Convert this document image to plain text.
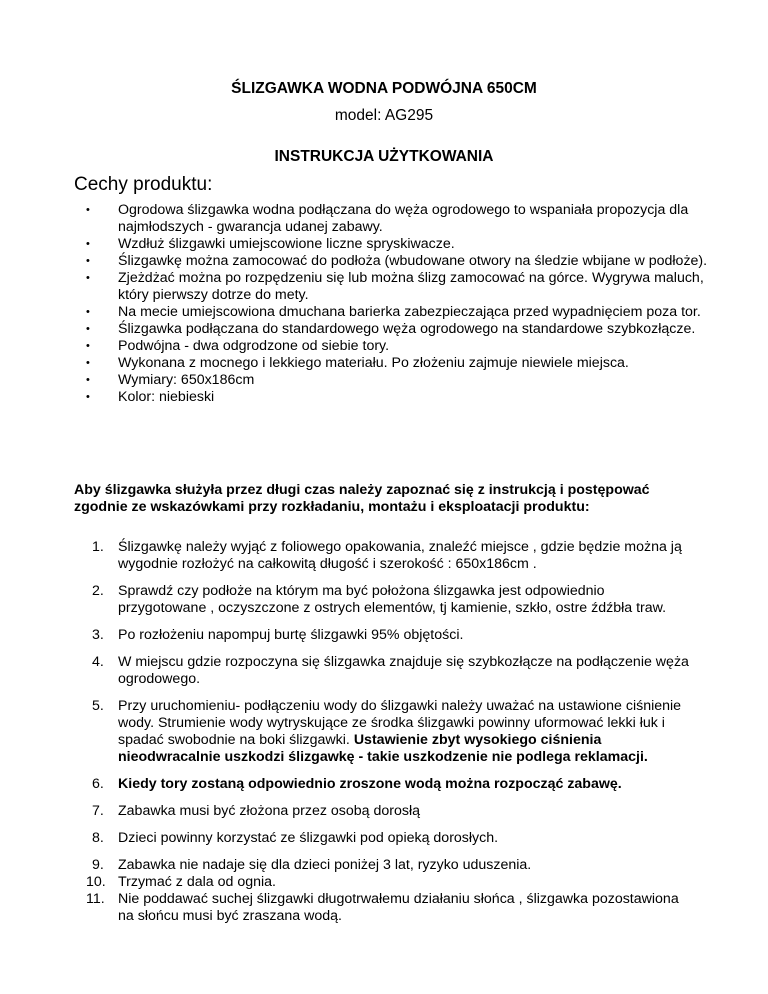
ŚLIZGAWKA WODNA PODWÓJNA 650CM
model: AG295
INSTRUKCJA UŻYTKOWANIA
Cechy produktu:
• Ogrodowa ślizgawka wodna podłączana do węża ogrodowego to wspaniała propozycja dla najmłodszych - gwarancja udanej zabawy.
• Wzdłuż ślizgawki umiejscowione liczne spryskiwacze.
• Ślizgawkę można zamocować do podłoża (wbudowane otwory na śledzie wbijane w podłoże).
• Zjeżdżać można po rozpędzeniu się lub można ślizg zamocować na górce. Wygrywa maluch, który pierwszy dotrze do mety.
• Na mecie umiejscowiona dmuchana barierka zabezpieczająca przed wypadnięciem poza tor.
• Ślizgawka podłączana do standardowego węża ogrodowego na standardowe szybkozłącze.
• Podwójna - dwa odgrodzone od siebie tory.
• Wykonana z mocnego i lekkiego materiału. Po złożeniu zajmuje niewiele miejsca.
• Wymiary: 650x186cm
• Kolor: niebieski
Aby ślizgawka służyła przez długi czas należy zapoznać się z instrukcją i postępować zgodnie ze wskazówkami przy rozkładaniu, montażu i eksploatacji produktu:
1. Ślizgawkę należy wyjąć z foliowego opakowania, znaleźć miejsce , gdzie będzie można ją wygodnie rozłożyć na całkowitą długość i szerokość : 650x186cm .
2. Sprawdź czy podłoże na którym ma być położona ślizgawka jest odpowiednio przygotowane , oczyszczone z ostrych elementów, tj kamienie, szkło, ostre źdźbła traw.
3. Po rozłożeniu napompuj burtę ślizgawki 95% objętości.
4. W miejscu gdzie rozpoczyna się ślizgawka znajduje się szybkozłącze na podłączenie węża ogrodowego.
5. Przy uruchomieniu- podłączeniu wody do ślizgawki należy uważać na ustawione ciśnienie wody. Strumienie wody wytryskujące ze środka ślizgawki powinny uformować lekki łuk i spadać swobodnie na boki ślizgawki. Ustawienie zbyt wysokiego ciśnienia nieodwracalnie uszkodzi ślizgawkę - takie uszkodzenie nie podlega reklamacji.
6. Kiedy tory zostaną odpowiednio zroszone wodą można rozpocząć zabawę.
7. Zabawka musi być złożona przez osobą dorosłą
8. Dzieci powinny korzystać ze ślizgawki pod opieką dorosłych.
9. Zabawka nie nadaje się dla dzieci poniżej 3 lat, ryzyko uduszenia.
10. Trzymać z dala od ognia.
11. Nie poddawać suchej ślizgawki długotrwałemu działaniu słońca , ślizgawka pozostawiona na słońcu musi być zraszana wodą.
